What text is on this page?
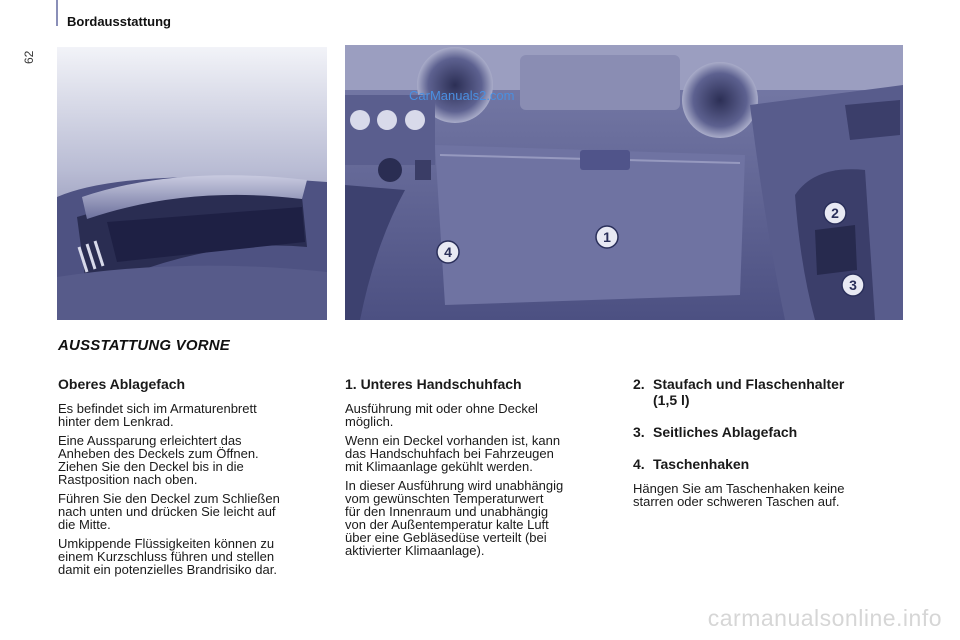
62
Bordausstattung
1
2
3
4
CarManuals2.com
AUSSTATTUNG VORNE
Oberes Ablagefach

Es befindet sich im Armaturenbrett
hinter dem Lenkrad.

Eine Aussparung erleichtert das
Anheben des Deckels zum Öffnen.
Ziehen Sie den Deckel bis in die
Rastposition nach oben.

Führen Sie den Deckel zum Schließen
nach unten und drücken Sie leicht auf
die Mitte.

Umkippende Flüssigkeiten können zu
einem Kurzschluss führen und stellen
damit ein potenzielles Brandrisiko dar.

1. Unteres Handschuhfach

Ausführung mit oder ohne Deckel
möglich.

Wenn ein Deckel vorhanden ist, kann
das Handschuhfach bei Fahrzeugen
mit Klimaanlage gekühlt werden.

In dieser Ausführung wird unabhängig
vom gewünschten Temperaturwert
für den Innenraum und unabhängig
von der Außentemperatur kalte Luft
über eine Gebläsedüse verteilt (bei
aktivierter Klimaanlage).

2. Staufach und Flaschenhalter
(1,5 l)
3. Seitliches Ablagefach
4. Taschenhaken

Hängen Sie am Taschenhaken keine
starren oder schweren Taschen auf.

carmanualsonline.info
